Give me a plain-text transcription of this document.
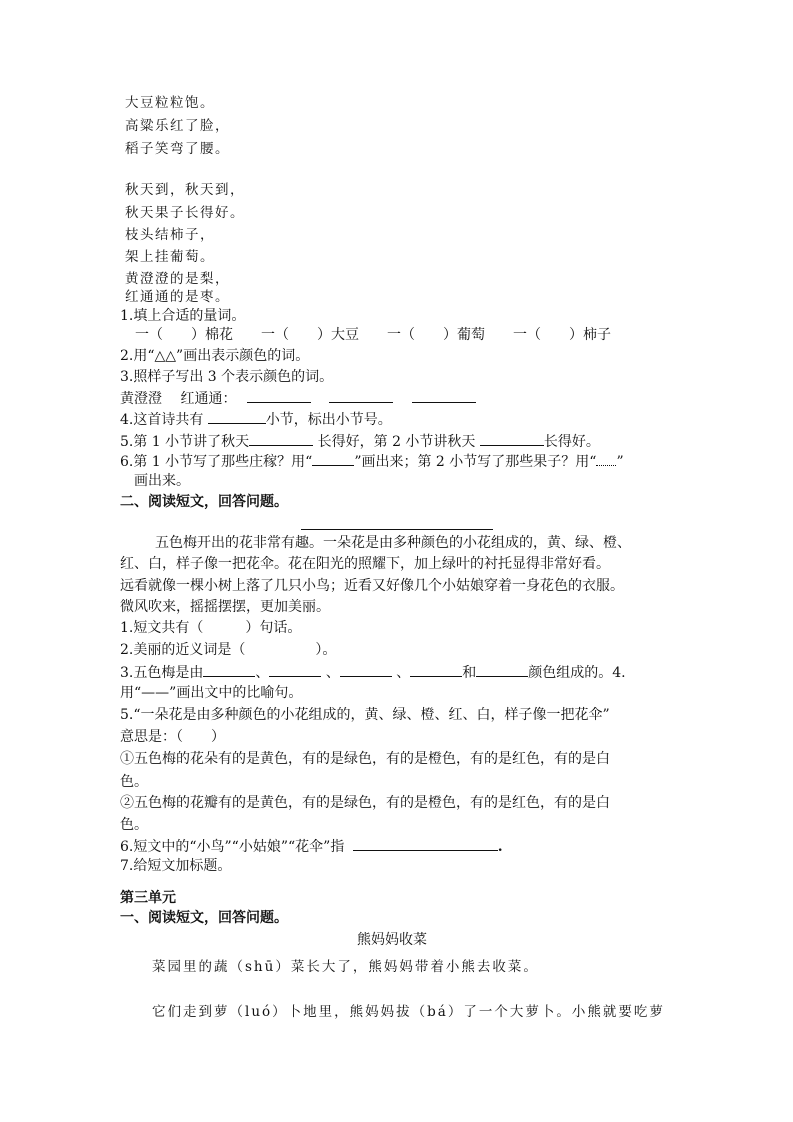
大豆粒粒饱。
高粱乐红了脸，
稻子笑弯了腰。
秋天到，秋天到，
秋天果子长得好。
枝头结柿子，
架上挂葡萄。
黄澄澄的是梨，
红通通的是枣。
1.填上合适的量词。
一（　　）棉花 一（　　）大豆 一（　　）葡萄 一（　　）柿子
2.用“△△”画出表示颜色的词。
3.照样子写出 3 个表示颜色的词。
黄澄澄　 红通通：
4.这首诗共有	小节，标出小节号。
5.第 1 小节讲了秋天	长得好，第 2 小节讲秋天	长得好。
6.第 1 小节写了那些庄稼？用“	”画出来；第 2 小节写了那些果子？用“ ”
画出来。
二、阅读短文，回答问题。
五色梅开出的花非常有趣。一朵花是由多种颜色的小花组成的，黄、绿、橙、
红、白，样子像一把花伞。花在阳光的照耀下，加上绿叶的衬托显得非常好看。
远看就像一棵小树上落了几只小鸟；近看又好像几个小姑娘穿着一身花色的衣服。
微风吹来，摇摇摆摆，更加美丽。
1.短文共有（　　　）句话。
2.美丽的近义词是（　　　　　）。
3.五色梅是由	、	、	、	和	颜色组成的。4.
用“——”画出文中的比喻句。
5.“一朵花是由多种颜色的小花组成的，黄、绿、橙、红、白，样子像一把花伞”
意思是：（　　）
①五色梅的花朵有的是黄色，有的是绿色，有的是橙色，有的是红色，有的是白
色。
②五色梅的花瓣有的是黄色，有的是绿色，有的是橙色，有的是红色，有的是白
色。
6.短文中的“小鸟”“小姑娘”“花伞”指	.
7.给短文加标题。
第三单元
一、阅读短文，回答问题。
熊妈妈收菜
菜园里的蔬（shū）菜长大了，熊妈妈带着小熊去收菜。
它们走到萝（luó）卜地里，熊妈妈拔（bá）了一个大萝卜。小熊就要吃萝
